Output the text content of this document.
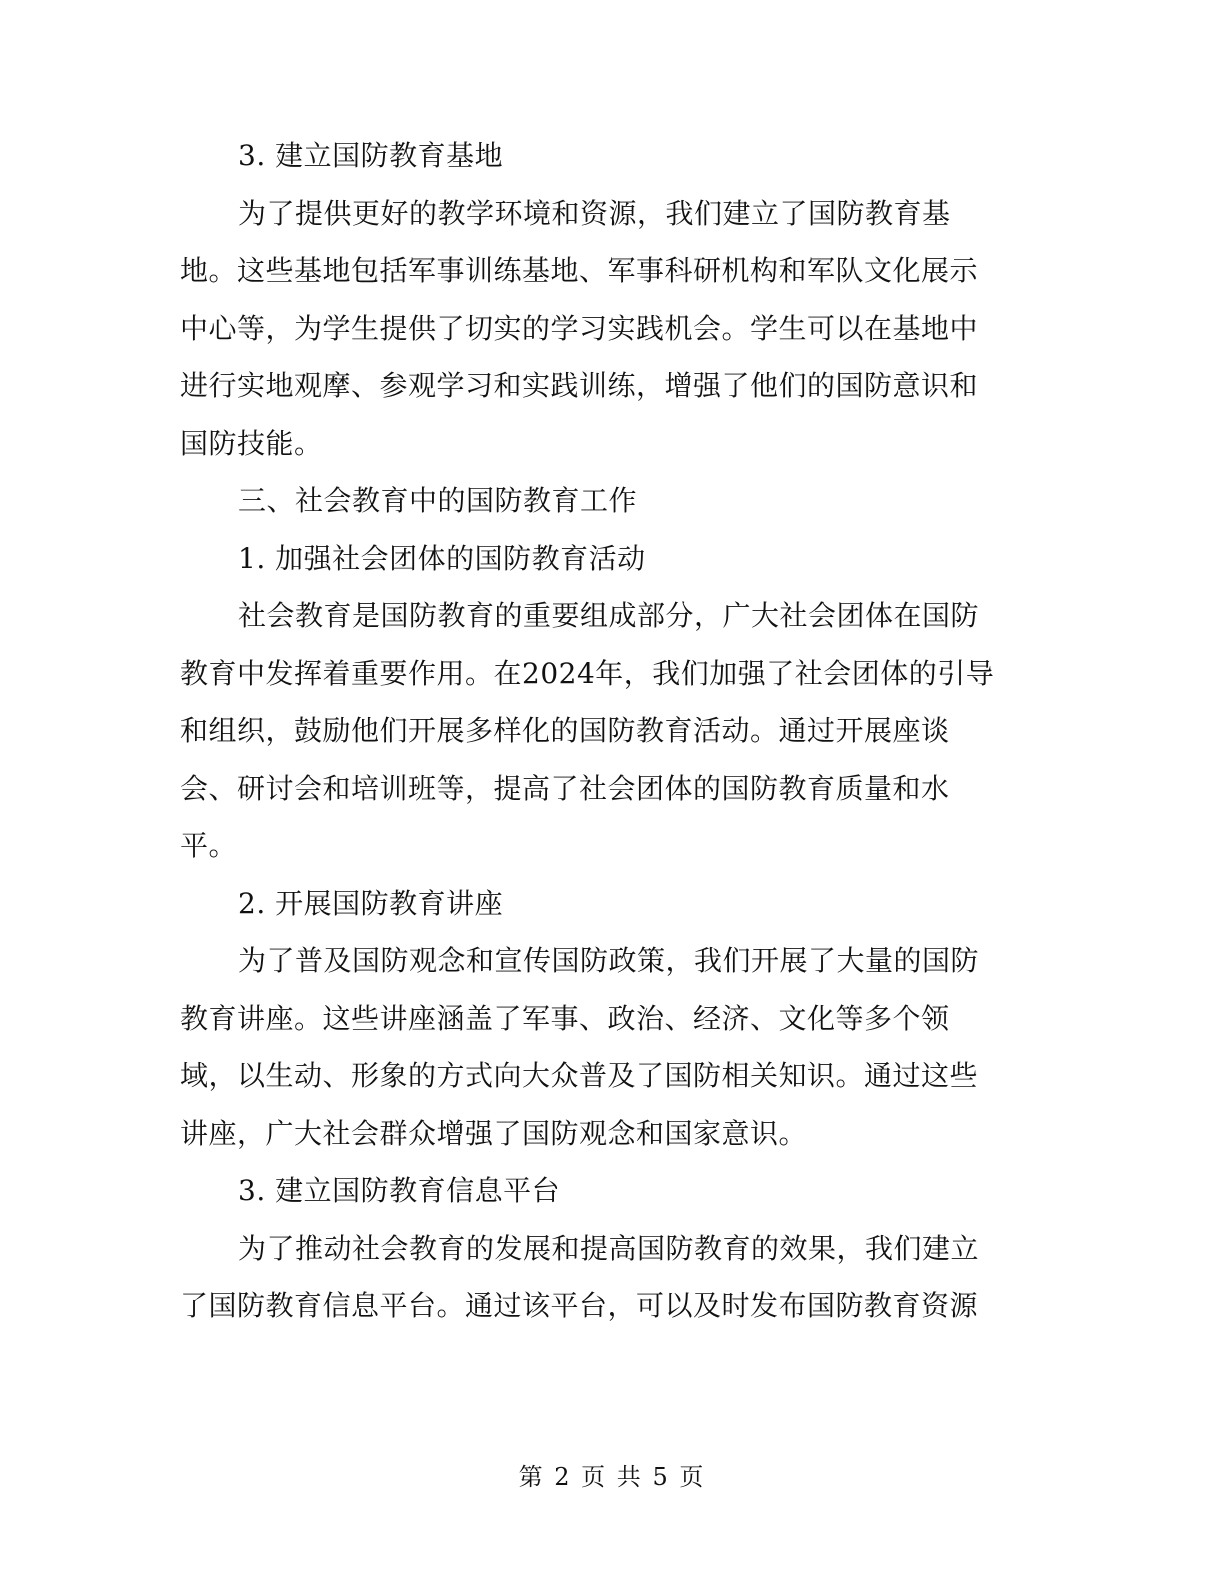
3. 建立国防教育基地
为了提供更好的教学环境和资源，我们建立了国防教育基
地。这些基地包括军事训练基地、军事科研机构和军队文化展示
中心等，为学生提供了切实的学习实践机会。学生可以在基地中
进行实地观摩、参观学习和实践训练，增强了他们的国防意识和
国防技能。
三、社会教育中的国防教育工作
1. 加强社会团体的国防教育活动
社会教育是国防教育的重要组成部分，广大社会团体在国防
教育中发挥着重要作用。在2024年，我们加强了社会团体的引导
和组织，鼓励他们开展多样化的国防教育活动。通过开展座谈
会、研讨会和培训班等，提高了社会团体的国防教育质量和水
平。
2. 开展国防教育讲座
为了普及国防观念和宣传国防政策，我们开展了大量的国防
教育讲座。这些讲座涵盖了军事、政治、经济、文化等多个领
域，以生动、形象的方式向大众普及了国防相关知识。通过这些
讲座，广大社会群众增强了国防观念和国家意识。
3. 建立国防教育信息平台
为了推动社会教育的发展和提高国防教育的效果，我们建立
了国防教育信息平台。通过该平台，可以及时发布国防教育资源
第 2 页 共 5 页
